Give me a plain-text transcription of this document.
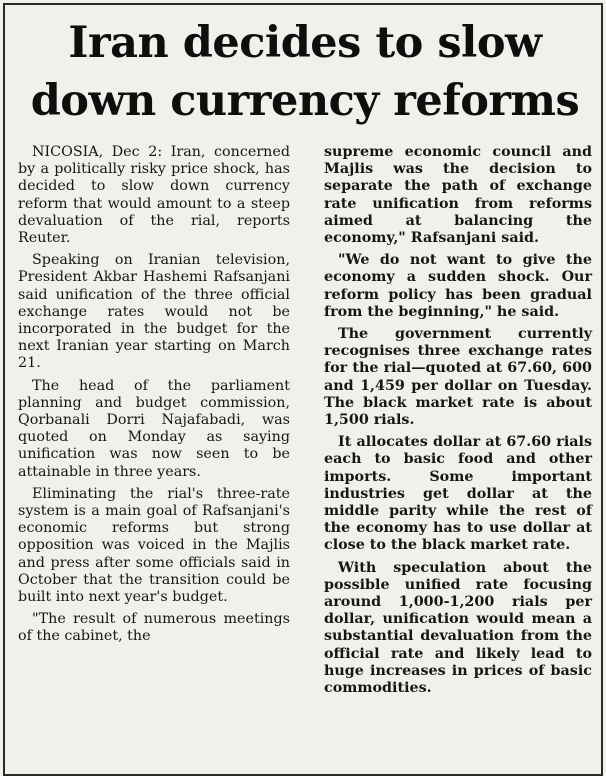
Iran decides to slow
down currency reforms

NICOSIA, Dec 2: Iran, concerned by a politically risky price shock, has decided to slow down currency reform that would amount to a steep devaluation of the rial, reports Reuter.

Speaking on Iranian television, President Akbar Hashemi Rafsanjani said unification of the three official exchange rates would not be incorporated in the budget for the next Iranian year starting on March 21.

The head of the parliament planning and budget commission, Qorbanali Dorri Najafabadi, was quoted on Monday as saying unification was now seen to be attainable in three years.

Eliminating the rial's three-rate system is a main goal of Rafsanjani's economic reforms but strong opposition was voiced in the Majlis and press after some officials said in October that the transition could be built into next year's budget.

"The result of numerous meetings of the cabinet, the

supreme economic council and Majlis was the decision to separate the path of exchange rate unification from reforms aimed at balancing the economy," Rafsanjani said.

"We do not want to give the economy a sudden shock. Our reform policy has been gradual from the beginning," he said.

The government currently recognises three exchange rates for the rial—quoted at 67.60, 600 and 1,459 per dollar on Tuesday. The black market rate is about 1,500 rials.

It allocates dollar at 67.60 rials each to basic food and other imports. Some important industries get dollar at the middle parity while the rest of the economy has to use dollar at close to the black market rate.

With speculation about the possible unified rate focusing around 1,000-1,200 rials per dollar, unification would mean a substantial devaluation from the official rate and likely lead to huge increases in prices of basic commodities.
